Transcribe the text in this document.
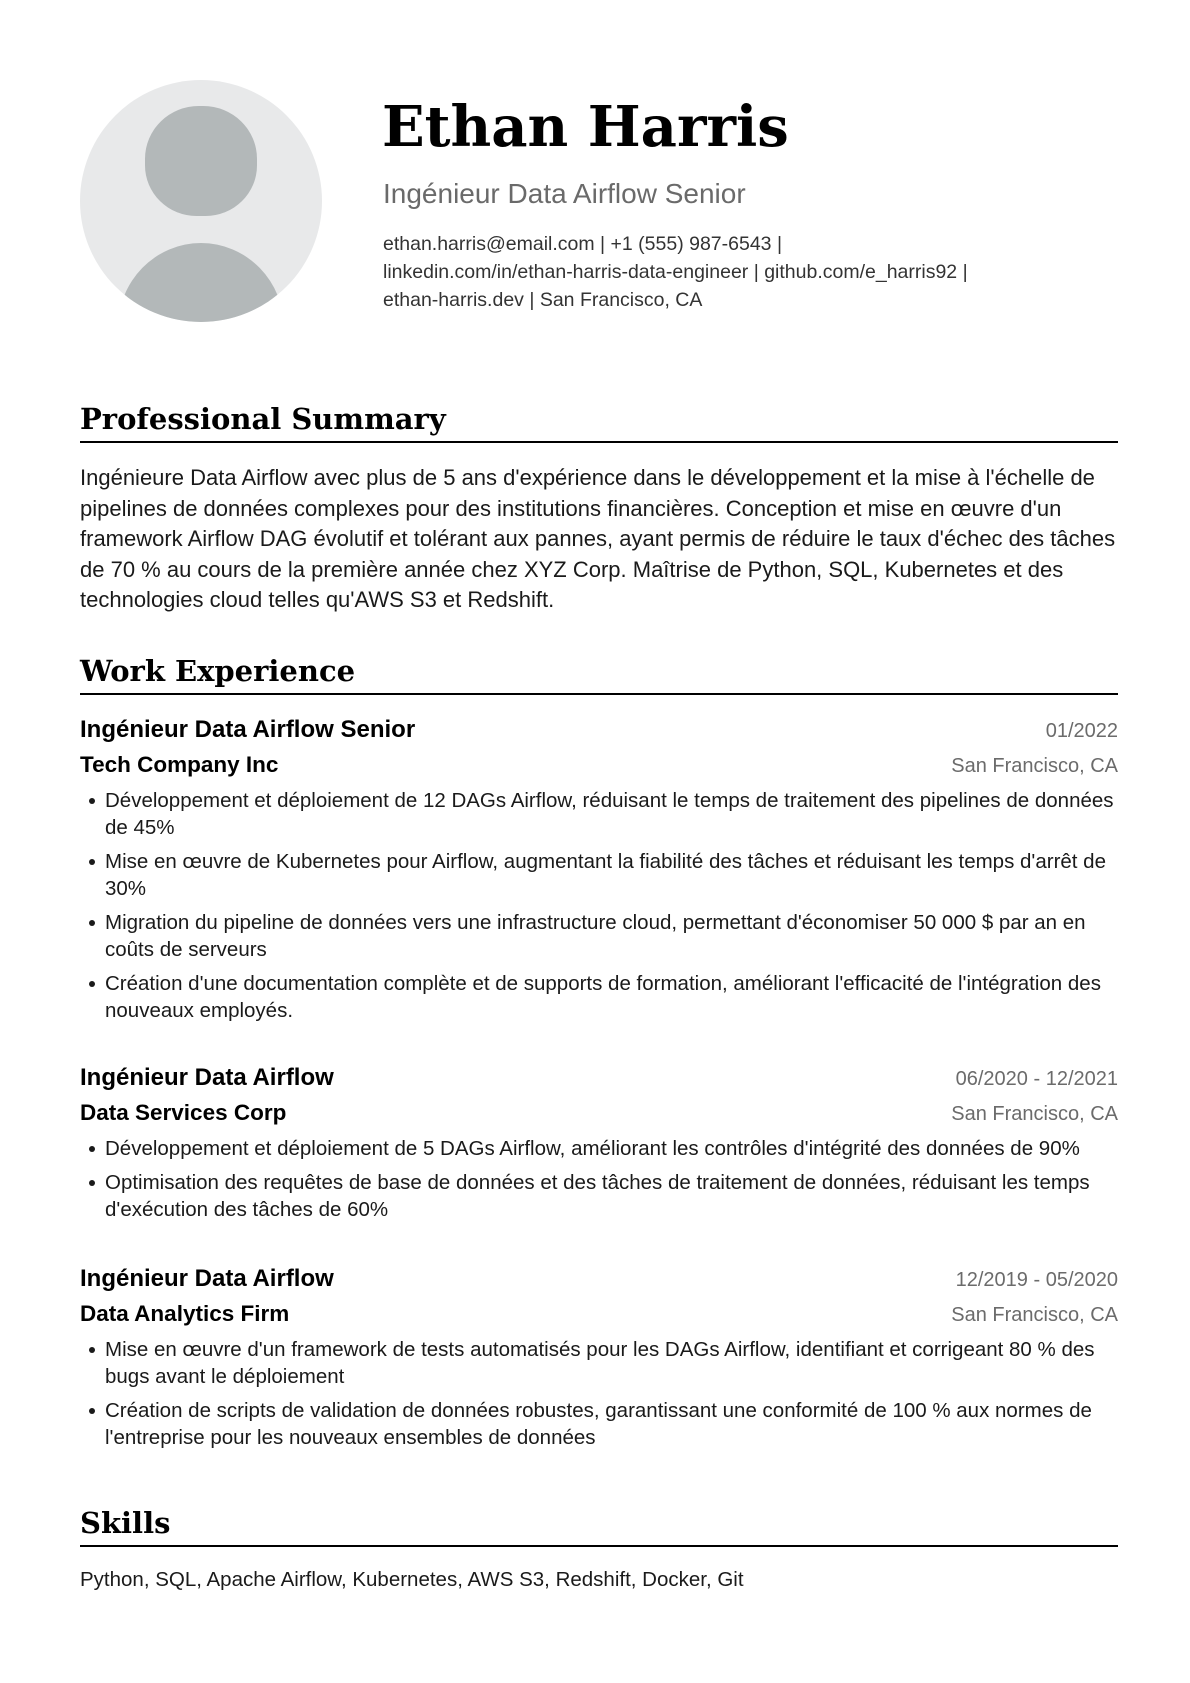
Ethan Harris
Ingénieur Data Airflow Senior
ethan.harris@email.com | +1 (555) 987-6543 |
linkedin.com/in/ethan-harris-data-engineer | github.com/e_harris92 |
ethan-harris.dev | San Francisco, CA
Professional Summary
Ingénieure Data Airflow avec plus de 5 ans d'expérience dans le développement et la mise à l'échelle de pipelines de données complexes pour des institutions financières. Conception et mise en œuvre d'un framework Airflow DAG évolutif et tolérant aux pannes, ayant permis de réduire le taux d'échec des tâches de 70 % au cours de la première année chez XYZ Corp. Maîtrise de Python, SQL, Kubernetes et des technologies cloud telles qu'AWS S3 et Redshift.
Work Experience
Ingénieur Data Airflow Senior	01/2022
Tech Company Inc	San Francisco, CA
Développement et déploiement de 12 DAGs Airflow, réduisant le temps de traitement des pipelines de données de 45%
Mise en œuvre de Kubernetes pour Airflow, augmentant la fiabilité des tâches et réduisant les temps d'arrêt de 30%
Migration du pipeline de données vers une infrastructure cloud, permettant d'économiser 50 000 $ par an en coûts de serveurs
Création d'une documentation complète et de supports de formation, améliorant l'efficacité de l'intégration des nouveaux employés.
Ingénieur Data Airflow	06/2020 - 12/2021
Data Services Corp	San Francisco, CA
Développement et déploiement de 5 DAGs Airflow, améliorant les contrôles d'intégrité des données de 90%
Optimisation des requêtes de base de données et des tâches de traitement de données, réduisant les temps d'exécution des tâches de 60%
Ingénieur Data Airflow	12/2019 - 05/2020
Data Analytics Firm	San Francisco, CA
Mise en œuvre d'un framework de tests automatisés pour les DAGs Airflow, identifiant et corrigeant 80 % des bugs avant le déploiement
Création de scripts de validation de données robustes, garantissant une conformité de 100 % aux normes de l'entreprise pour les nouveaux ensembles de données
Skills
Python, SQL, Apache Airflow, Kubernetes, AWS S3, Redshift, Docker, Git
